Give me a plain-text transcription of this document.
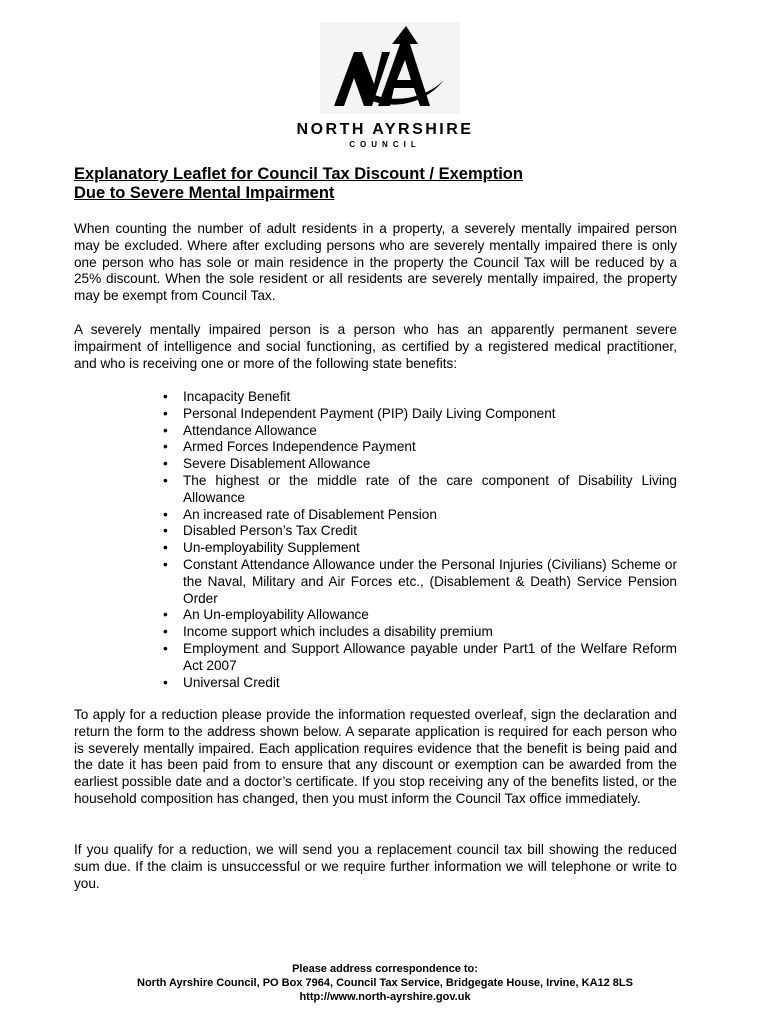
NORTH AYRSHIRE
COUNCIL
Explanatory Leaflet for Council Tax Discount / Exemption
Due to Severe Mental Impairment
When counting the number of adult residents in a property, a severely mentally impaired person may be excluded. Where after excluding persons who are severely mentally impaired there is only one person who has sole or main residence in the property the Council Tax will be reduced by a 25% discount. When the sole resident or all residents are severely mentally impaired, the property may be exempt from Council Tax.
A severely mentally impaired person is a person who has an apparently permanent severe impairment of intelligence and social functioning, as certified by a registered medical practitioner, and who is receiving one or more of the following state benefits:
• Incapacity Benefit
• Personal Independent Payment (PIP) Daily Living Component
• Attendance Allowance
• Armed Forces Independence Payment
• Severe Disablement Allowance
• The highest or the middle rate of the care component of Disability Living Allowance
• An increased rate of Disablement Pension
• Disabled Person’s Tax Credit
• Un-employability Supplement
• Constant Attendance Allowance under the Personal Injuries (Civilians) Scheme or the Naval, Military and Air Forces etc., (Disablement & Death) Service Pension Order
• An Un-employability Allowance
• Income support which includes a disability premium
• Employment and Support Allowance payable under Part1 of the Welfare Reform Act 2007
• Universal Credit
To apply for a reduction please provide the information requested overleaf, sign the declaration and return the form to the address shown below. A separate application is required for each person who is severely mentally impaired. Each application requires evidence that the benefit is being paid and the date it has been paid from to ensure that any discount or exemption can be awarded from the earliest possible date and a doctor’s certificate. If you stop receiving any of the benefits listed, or the household composition has changed, then you must inform the Council Tax office immediately.
If you qualify for a reduction, we will send you a replacement council tax bill showing the reduced sum due. If the claim is unsuccessful or we require further information we will telephone or write to you.
Please address correspondence to:
North Ayrshire Council, PO Box 7964, Council Tax Service, Bridgegate House, Irvine, KA12 8LS
http://www.north-ayrshire.gov.uk
